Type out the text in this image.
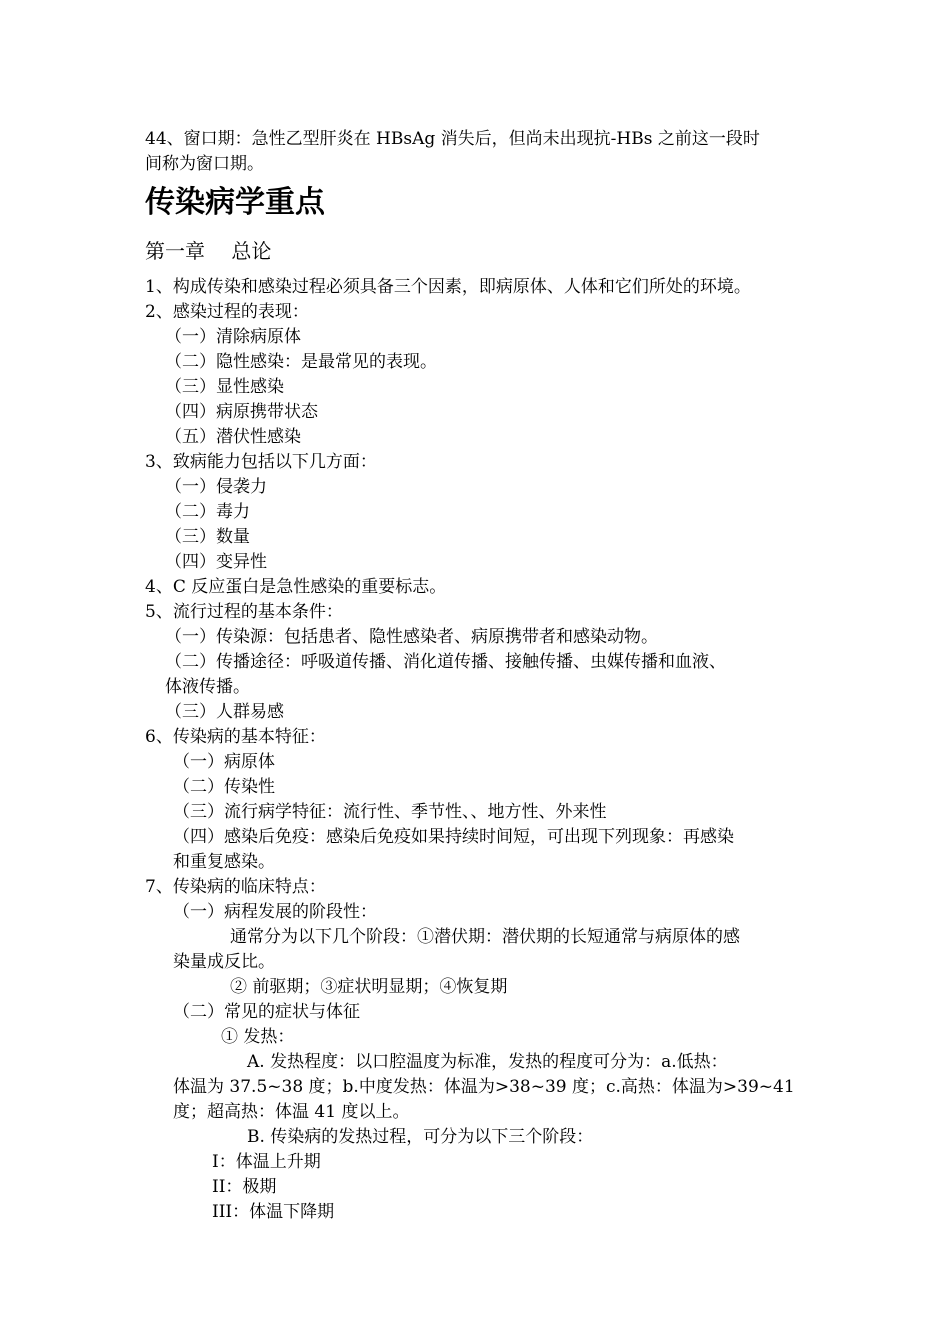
44、窗口期：急性乙型肝炎在 HBsAg 消失后，但尚未出现抗-HBs 之前这一段时
间称为窗口期。
传染病学重点
第一章　 总论
1、构成传染和感染过程必须具备三个因素，即病原体、人体和它们所处的环境。
2、感染过程的表现：
（一）清除病原体
（二）隐性感染：是最常见的表现。
（三）显性感染
（四）病原携带状态
（五）潜伏性感染
3、致病能力包括以下几方面：
（一）侵袭力
（二）毒力
（三）数量
（四）变异性
4、C 反应蛋白是急性感染的重要标志。
5、流行过程的基本条件：
（一）传染源：包括患者、隐性感染者、病原携带者和感染动物。
（二）传播途径：呼吸道传播、消化道传播、接触传播、虫媒传播和血液、
体液传播。
（三）人群易感
6、传染病的基本特征：
（一）病原体
（二）传染性
（三）流行病学特征：流行性、季节性、、地方性、外来性
（四）感染后免疫：感染后免疫如果持续时间短，可出现下列现象：再感染
和重复感染。
7、传染病的临床特点：
（一）病程发展的阶段性：
通常分为以下几个阶段：①潜伏期：潜伏期的长短通常与病原体的感
染量成反比。
② 前驱期；③症状明显期；④恢复期
（二）常见的症状与体征
① 发热：
A. 发热程度：以口腔温度为标准，发热的程度可分为：a.低热：
体温为 37.5~38 度；b.中度发热：体温为>38~39 度；c.高热：体温为>39~41
度；超高热：体温 41 度以上。
B. 传染病的发热过程，可分为以下三个阶段：
I：体温上升期
II：极期
III：体温下降期
